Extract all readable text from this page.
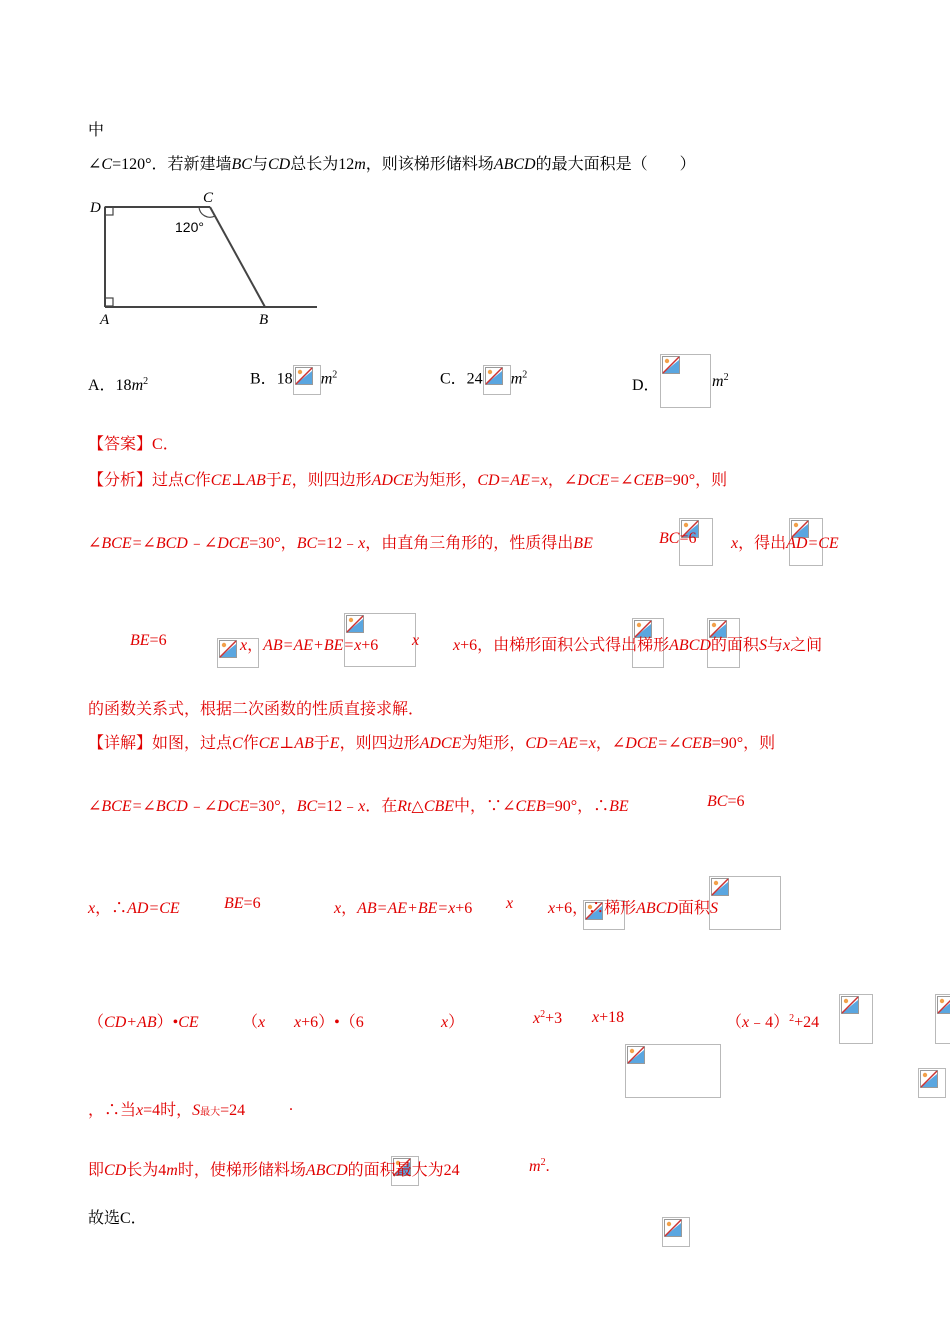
中
∠C=120°．若新建墙BC与CD总长为12m，则该梯形储料场ABCD的最大面积是（　　）
D
C
120°
A	B
A．$18m^2$	B．18 $m^2$	C．24 $m^2$
D．
	$m^2$
【答案】C．
【分析】过点C作CE⊥AB于E，则四边形ADCE为矩形，CD=AE=x，∠DCE=∠CEB=90°，则
∠BCE=∠BCD﹣∠DCE=30°，BC=12﹣x，由直角三角形的，性质得出BE
	BC=6
x，得出AD=CE

BE=6
	x，AB=AE+BE=x+6
x
x+6，由梯形面积公式得出梯形ABCD的面积S与x之间
的函数关系式，根据二次函数的性质直接求解．
【详解】如图，过点C作CE⊥AB于E，则四边形ADCE为矩形，CD=AE=x，∠DCE=∠CEB=90°，则
∠BCE=∠BCD﹣∠DCE=30°，BC=12﹣x．在Rt△CBE中，∵∠CEB=90°，∴BE
	BC=6

x，∴AD=CE
	BE=6
	x，AB=AE+BE=x+6
x
x+6，∴梯形ABCD面积S

（CD+AB）•CE
	（x
x+6）•（6
	x）
	$x^2+3$
x+18
	（x﹣4）$^2$+24

，∴当x=4时，S最大=24
	.
即CD长为4m时，使梯形储料场ABCD的面积最大为24	$m^2$.
故选C．
